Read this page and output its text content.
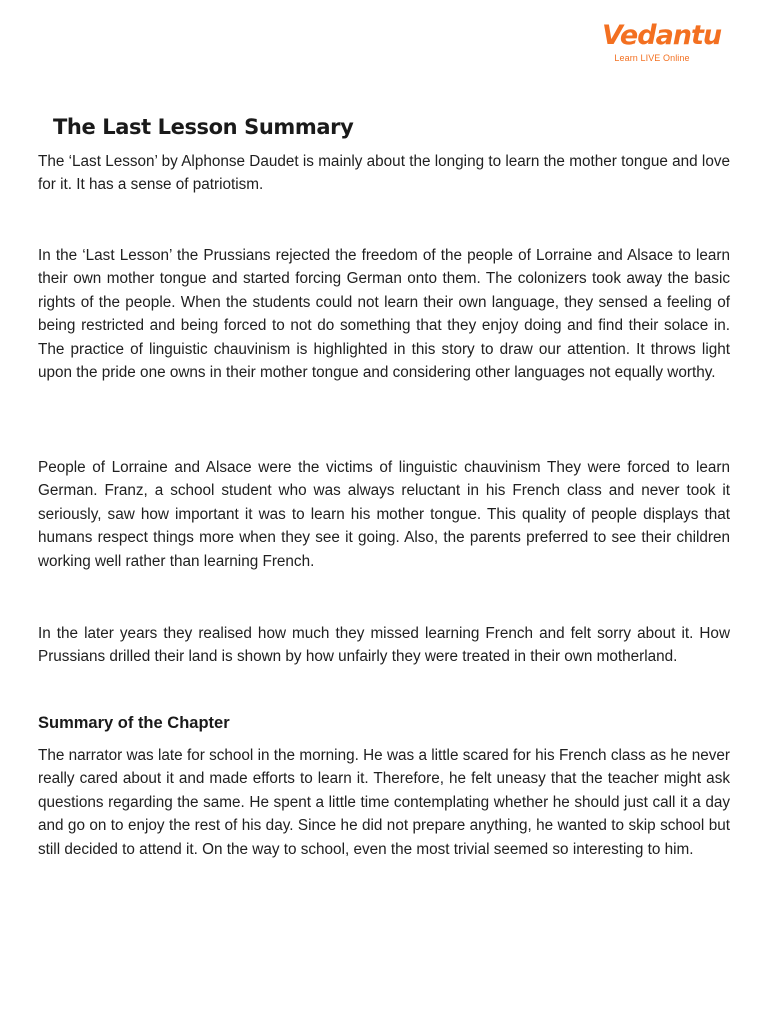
Vedantu
Learn LIVE Online
The Last Lesson Summary

The ‘Last Lesson’ by Alphonse Daudet is mainly about the longing to learn the mother tongue and love for it. It has a sense of patriotism.

In the ‘Last Lesson’ the Prussians rejected the freedom of the people of Lorraine and Alsace to learn their own mother tongue and started forcing German onto them. The colonizers took away the basic rights of the people. When the students could not learn their own language, they sensed a feeling of being restricted and being forced to not do something that they enjoy doing and find their solace in. The practice of linguistic chauvinism is highlighted in this story to draw our attention. It throws light upon the pride one owns in their mother tongue and considering other languages not equally worthy.

People of Lorraine and Alsace were the victims of linguistic chauvinism They were forced to learn German. Franz, a school student who was always reluctant in his French class and never took it seriously, saw how important it was to learn his mother tongue. This quality of people displays that humans respect things more when they see it going. Also, the parents preferred to see their children working well rather than learning French.

In the later years they realised how much they missed learning French and felt sorry about it. How Prussians drilled their land is shown by how unfairly they were treated in their own motherland.

Summary of the Chapter

The narrator was late for school in the morning. He was a little scared for his French class as he never really cared about it and made efforts to learn it. Therefore, he felt uneasy that the teacher might ask questions regarding the same. He spent a little time contemplating whether he should just call it a day and go on to enjoy the rest of his day. Since he did not prepare anything, he wanted to skip school but still decided to attend it. On the way to school, even the most trivial seemed so interesting to him.
